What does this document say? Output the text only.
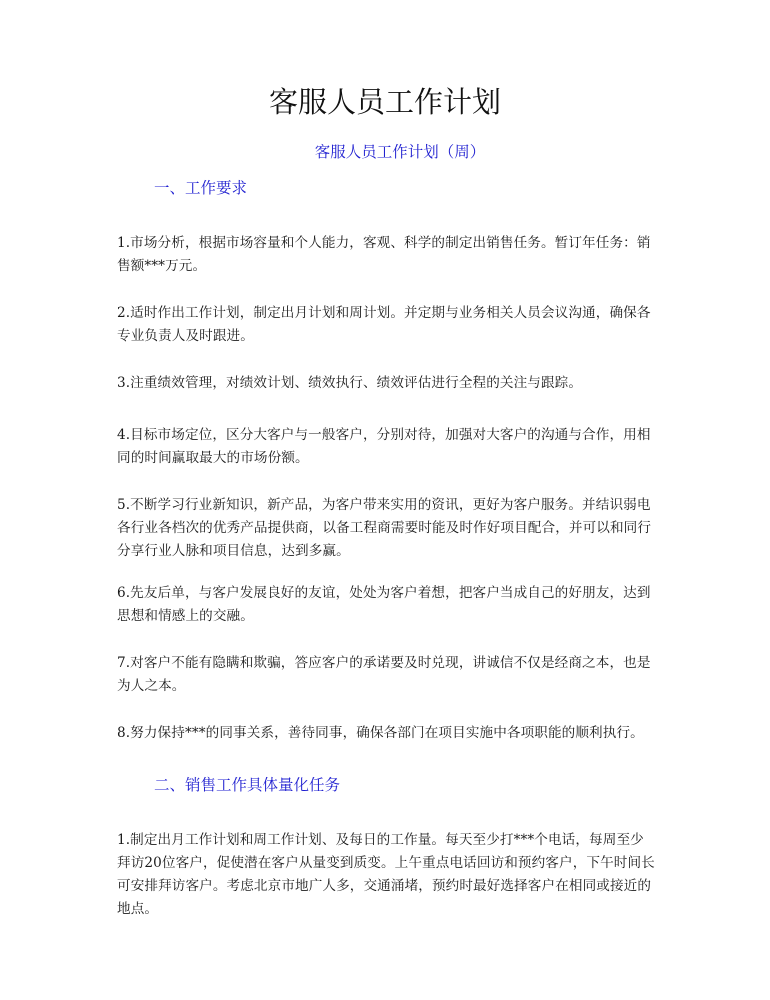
客服人员工作计划

客服人员工作计划（周）

一、工作要求

1.市场分析，根据市场容量和个人能力，客观、科学的制定出销售任务。暂订年任务：销售额***万元。

2.适时作出工作计划，制定出月计划和周计划。并定期与业务相关人员会议沟通，确保各专业负责人及时跟进。

3.注重绩效管理，对绩效计划、绩效执行、绩效评估进行全程的关注与跟踪。

4.目标市场定位，区分大客户与一般客户，分别对待，加强对大客户的沟通与合作，用相同的时间赢取最大的市场份额。

5.不断学习行业新知识，新产品，为客户带来实用的资讯，更好为客户服务。并结识弱电各行业各档次的优秀产品提供商，以备工程商需要时能及时作好项目配合，并可以和同行分享行业人脉和项目信息，达到多赢。

6.先友后单，与客户发展良好的友谊，处处为客户着想，把客户当成自己的好朋友，达到思想和情感上的交融。

7.对客户不能有隐瞒和欺骗，答应客户的承诺要及时兑现，讲诚信不仅是经商之本，也是为人之本。

8.努力保持***的同事关系，善待同事，确保各部门在项目实施中各项职能的顺利执行。

二、销售工作具体量化任务

1.制定出月工作计划和周工作计划、及每日的工作量。每天至少打***个电话，每周至少拜访20位客户，促使潜在客户从量变到质变。上午重点电话回访和预约客户，下午时间长可安排拜访客户。考虑北京市地广人多，交通涌堵，预约时最好选择客户在相同或接近的地点。
